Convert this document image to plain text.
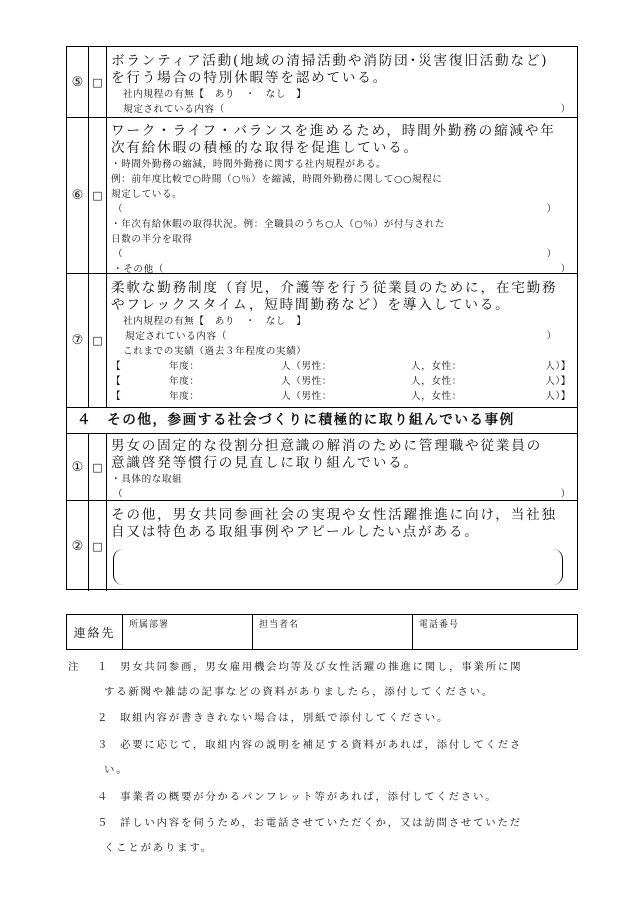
⑤ □
ボランティア活動(地域の清掃活動や消防団･災害復旧活動など)
を行う場合の特別休暇等を認めている。
社内規程の有無【　あり　・　なし　】
規定されている内容（	）
⑥ □
ワーク・ライフ・バランスを進めるため，時間外勤務の縮減や年
次有給休暇の積極的な取得を促進している。
・時間外勤務の縮減，時間外勤務に関する社内規程がある。
例：前年度比較で○時間（○％）を縮減，時間外勤務に関して○○規程に
規定している。
（	）
・年次有給休暇の取得状況。例：全職員のうち○人（○％）が付与された
日数の半分を取得
（	）
・その他（	）
⑦ □
柔軟な勤務制度（育児，介護等を行う従業員のために，在宅勤務
やフレックスタイム，短時間勤務など）を導入している。
社内規程の有無【　あり　・　なし　】
規定されている内容（	）
これまでの実績（過去３年程度の実績）
【	年度：	人（男性：	人，女性：	人）】
【	年度：	人（男性：	人，女性：	人）】
【	年度：	人（男性：	人，女性：	人）】
４　その他，参画する社会づくりに積極的に取り組んでいる事例
① □
男女の固定的な役割分担意識の解消のために管理職や従業員の
意識啓発等慣行の見直しに取り組んでいる。
・具体的な取組
（	）
② □
その他，男女共同参画社会の実現や女性活躍推進に向け，当社独
自又は特色ある取組事例やアピールしたい点がある。
連絡先
所属部署	担当者名	電話番号
注 １ 男女共同参画，男女雇用機会均等及び女性活躍の推進に関し，事業所に関
する新聞や雑誌の記事などの資料がありましたら，添付してください。
２ 取組内容が書ききれない場合は，別紙で添付してください。
３ 必要に応じて，取組内容の説明を補足する資料があれば，添付してくださ
い。
４ 事業者の概要が分かるパンフレット等があれば，添付してください。
５ 詳しい内容を伺うため，お電話させていただくか，又は訪問させていただ
くことがあります。
